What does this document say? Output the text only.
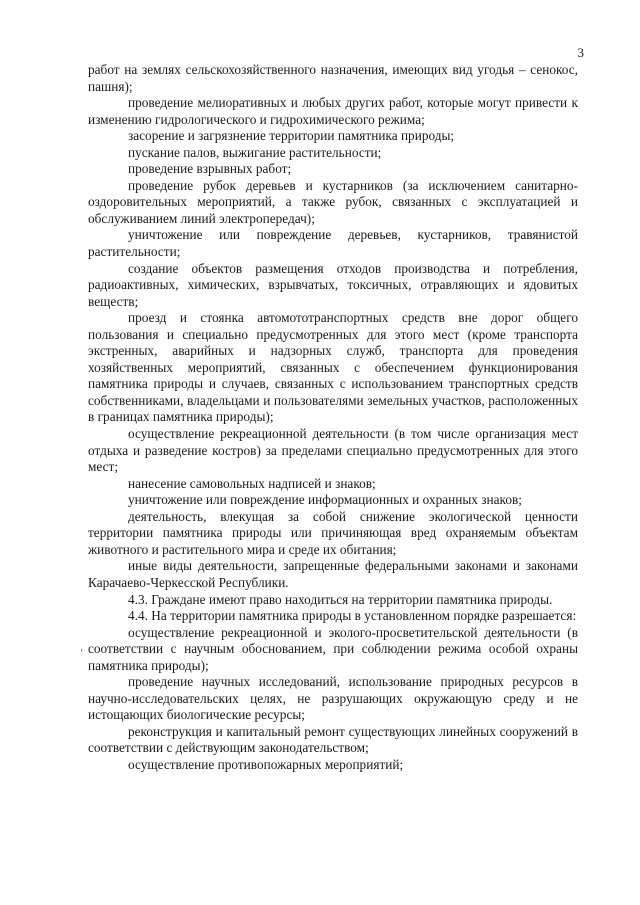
3

работ на землях сельскохозяйственного назначения, имеющих вид угодья – сенокос, пашня);

проведение мелиоративных и любых других работ, которые могут привести к изменению гидрологического и гидрохимического режима;

засорение и загрязнение территории памятника природы;

пускание палов, выжигание растительности;

проведение взрывных работ;

проведение рубок деревьев и кустарников (за исключением санитарно-оздоровительных мероприятий, а также рубок, связанных с эксплуатацией и обслуживанием линий электропередач);

уничтожение или повреждение деревьев, кустарников, травянистой растительности;

создание объектов размещения отходов производства и потребления, радиоактивных, химических, взрывчатых, токсичных, отравляющих и ядовитых веществ;

проезд и стоянка автомототранспортных средств вне дорог общего пользования и специально предусмотренных для этого мест (кроме транспорта экстренных, аварийных и надзорных служб, транспорта для проведения хозяйственных мероприятий, связанных с обеспечением функционирования памятника природы и случаев, связанных с использованием транспортных средств собственниками, владельцами и пользователями земельных участков, расположенных в границах памятника природы);

осуществление рекреационной деятельности (в том числе организация мест отдыха и разведение костров) за пределами специально предусмотренных для этого мест;

нанесение самовольных надписей и знаков;

уничтожение или повреждение информационных и охранных знаков;

деятельность, влекущая за собой снижение экологической ценности территории памятника природы или причиняющая вред охраняемым объектам животного и растительного мира и среде их обитания;

иные виды деятельности, запрещенные федеральными законами и законами Карачаево-Черкесской Республики.

4.3. Граждане имеют право находиться на территории памятника природы.

4.4. На территории памятника природы в установленном порядке разрешается:

осуществление рекреационной и эколого-просветительской деятельности (в соответствии с научным обоснованием, при соблюдении режима особой охраны памятника природы);

проведение научных исследований, использование природных ресурсов в научно-исследовательских целях, не разрушающих окружающую среду и не истощающих биологические ресурсы;

реконструкция и капитальный ремонт существующих линейных сооружений в соответствии с действующим законодательством;

осуществление противопожарных мероприятий;

ʻ
